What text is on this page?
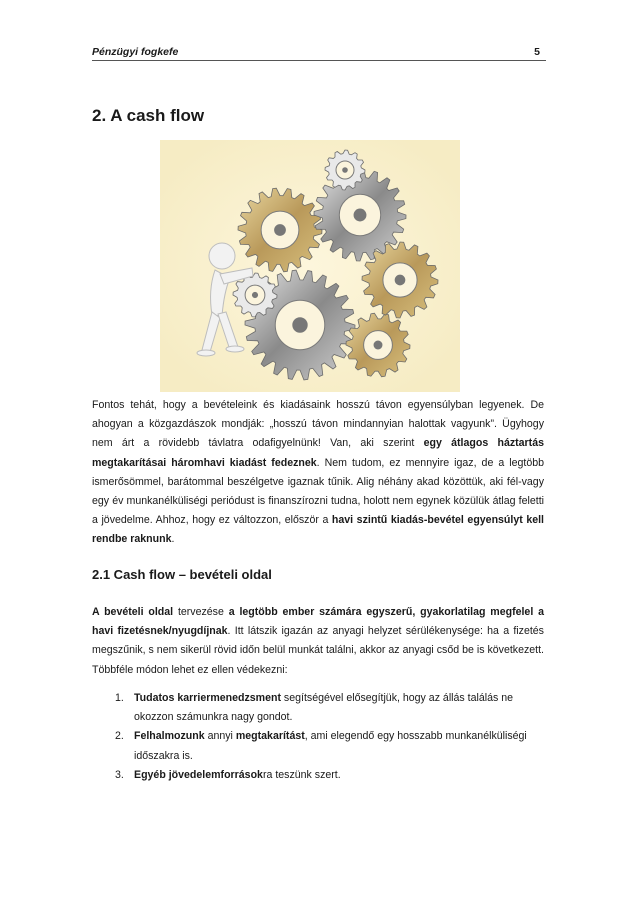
Pénzügyi fogkefe	5
2. A cash flow
Fontos tehát, hogy a bevételeink és kiadásaink hosszú távon egyensúlyban legyenek. De ahogyan a közgazdászok mondják: „hosszú távon mindannyian halottak vagyunk”. Ügyhogy nem árt a rövidebb távlatra odafigyelnünk! Van, aki szerint egy átlagos háztartás megtakarításai háromhavi kiadást fedeznek. Nem tudom, ez mennyire igaz, de a legtöbb ismerősömmel, barátommal beszélgetve igaznak tűnik. Alig néhány akad közöttük, aki fél-vagy egy év munkanélküliségi periódust is finanszírozni tudna, holott nem egynek közülük átlag feletti a jövedelme. Ahhoz, hogy ez változzon, először a havi szintű kiadás-bevétel egyensúlyt kell rendbe raknunk.
2.1 Cash flow – bevételi oldal
A bevételi oldal tervezése a legtöbb ember számára egyszerű, gyakorlatilag megfelel a havi fizetésnek/nyugdíjnak. Itt látszik igazán az anyagi helyzet sérülékenysége: ha a fizetés megszűnik, s nem sikerül rövid időn belül munkát találni, akkor az anyagi csőd be is következett. Többféle módon lehet ez ellen védekezni:
1. Tudatos karriermenedzsment segítségével elősegítjük, hogy az állás találás ne okozzon számunkra nagy gondot.
2. Felhalmozunk annyi megtakarítást, ami elegendő egy hosszabb munkanélküliségi időszakra is.
3. Egyéb jövedelemforrásokra teszünk szert.
